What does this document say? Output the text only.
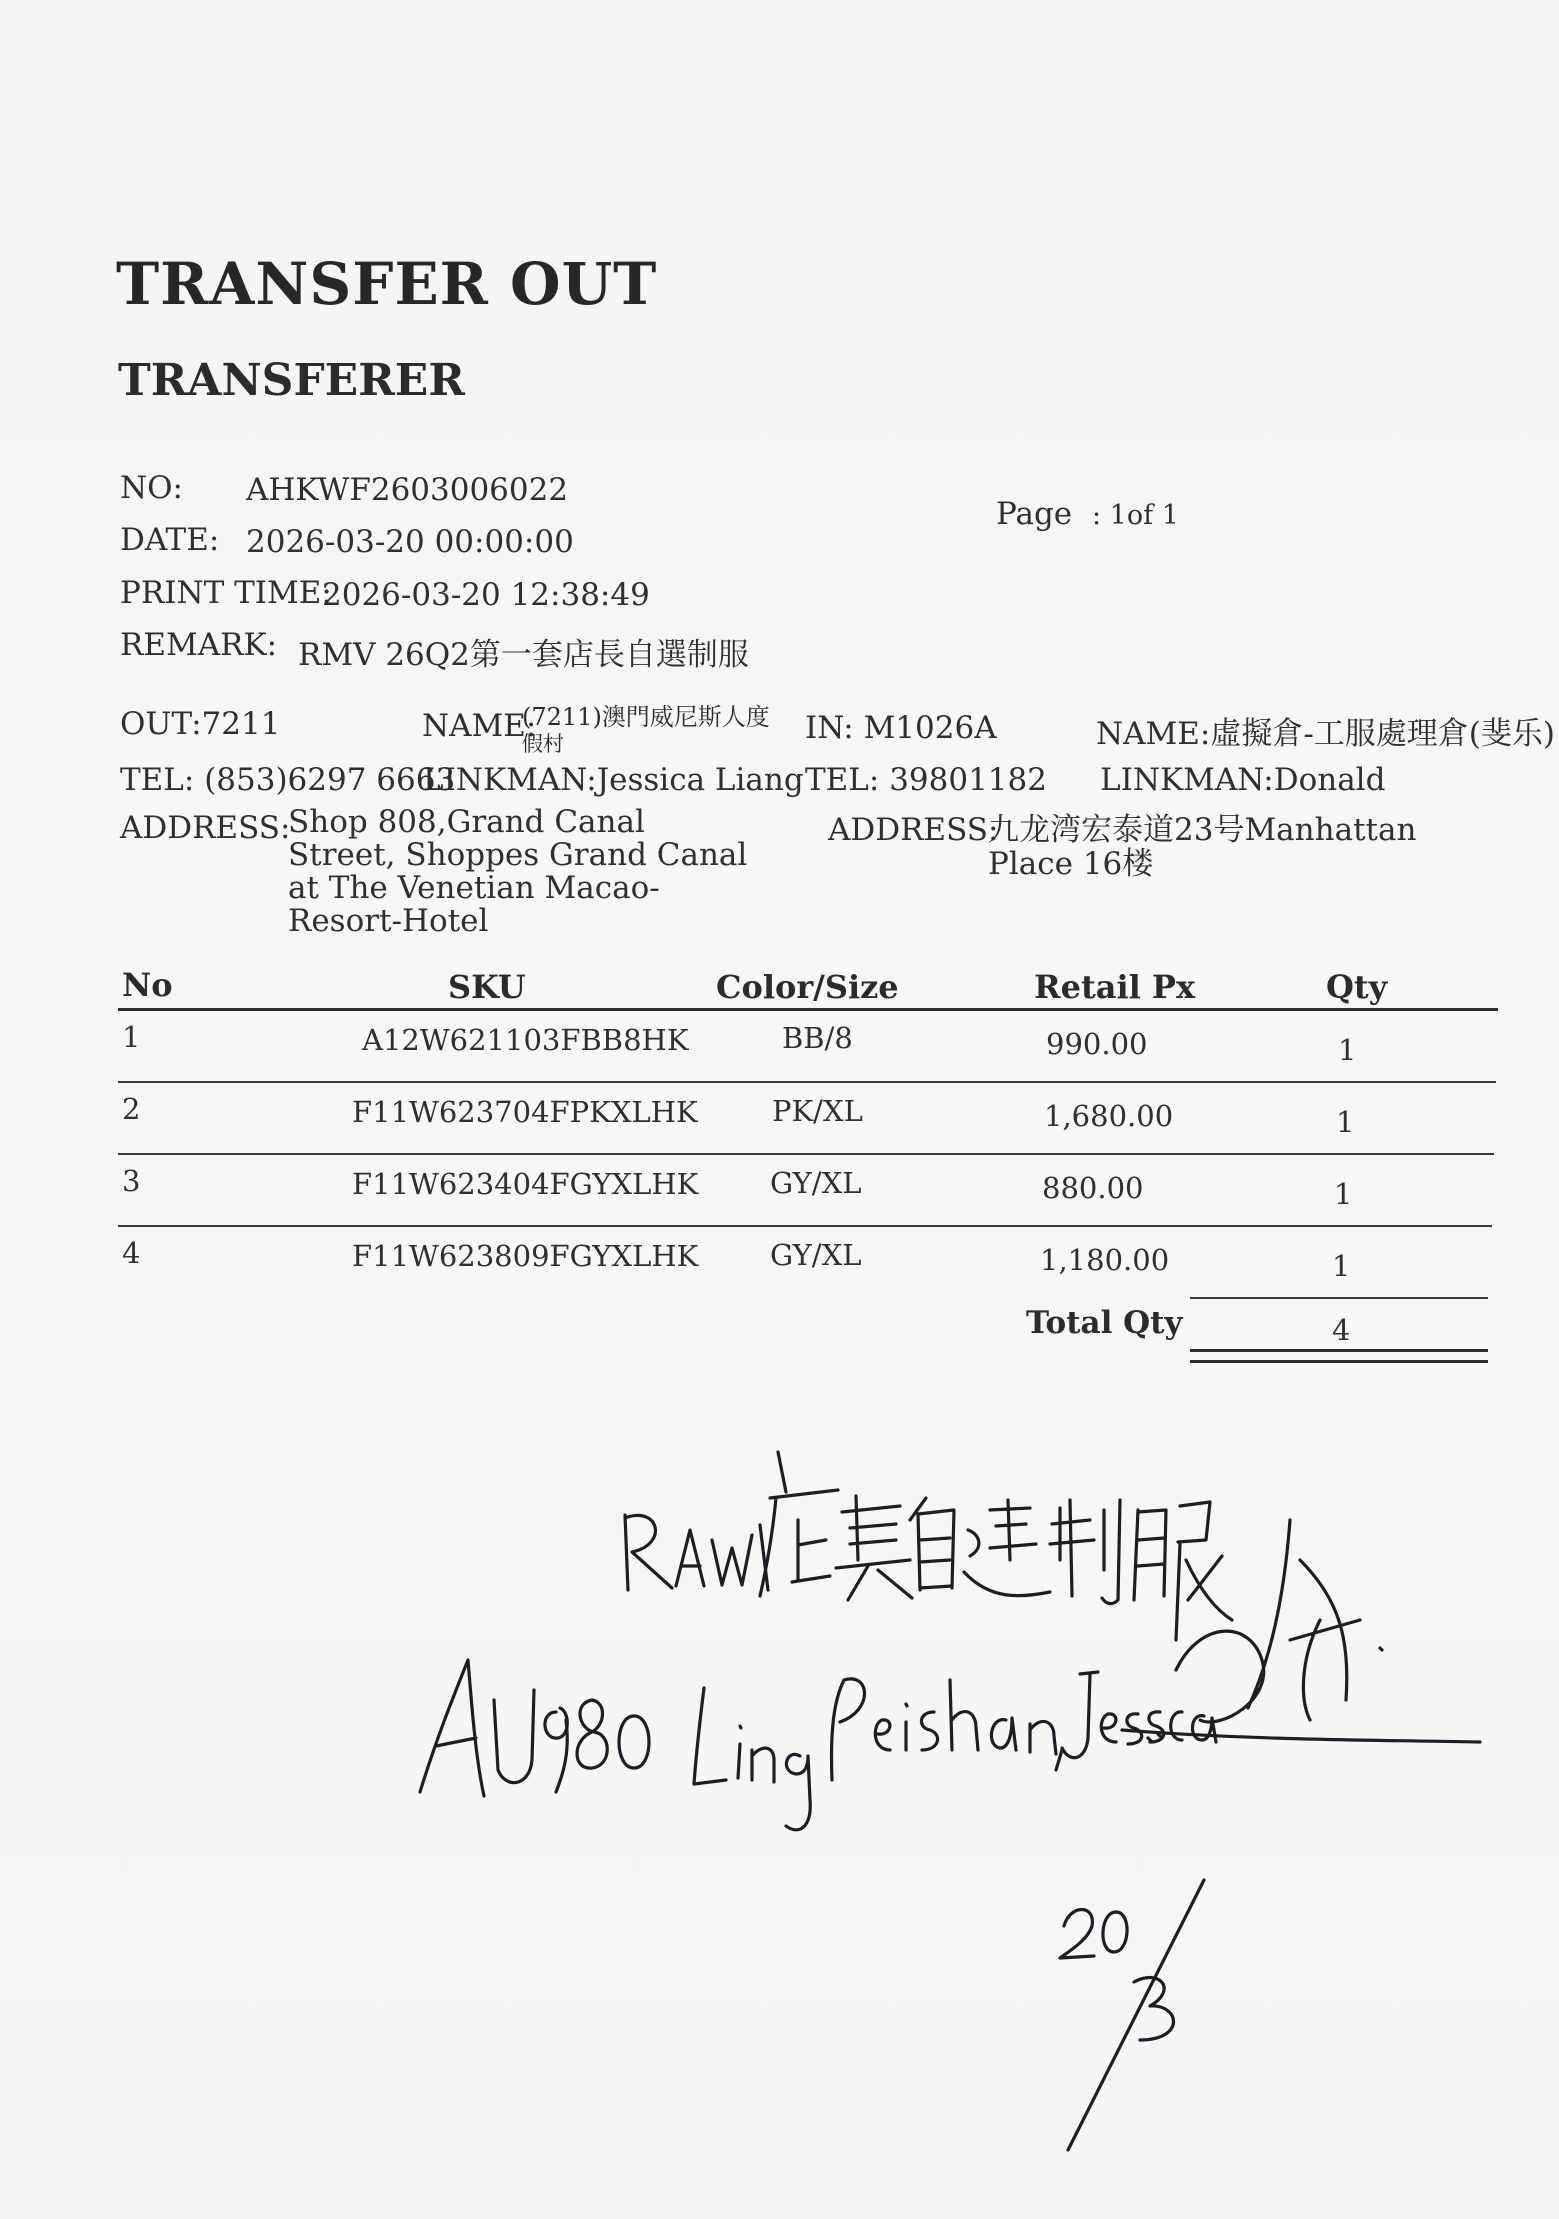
TRANSFER OUT
TRANSFERER
NO: AHKWF2603006022
DATE: 2026-03-20 00:00:00
PRINT TIME:
2026-03-20 12:38:49
REMARK: RMV 26Q2第一套店長自選制服
Page : 1of 1
OUT:7211	NAME:
(7211)澳門威尼斯人度
假村
TEL: (853)6297 6663
LINKMAN:Jessica Liang
ADDRESS:
Shop 808,Grand Canal
Street, Shoppes Grand Canal
at The Venetian Macao-
Resort-Hotel
IN: M1026A	NAME:虛擬倉-工服處理倉(斐乐)
TEL: 39801182 LINKMAN:Donald
ADDRESS:
九龙湾宏泰道23号Manhattan
Place 16楼
No	SKU	Color/Size	Retail Px	Qty
1	A12W621103FBB8HK	BB/8	990.00	1
2	F11W623704FPKXLHK	PK/XL	1,680.00	1
3	F11W623404FGYXLHK GY/XL	880.00	1
4	F11W623809FGYXLHK GY/XL	1,180.00	1
Total Qty	4
